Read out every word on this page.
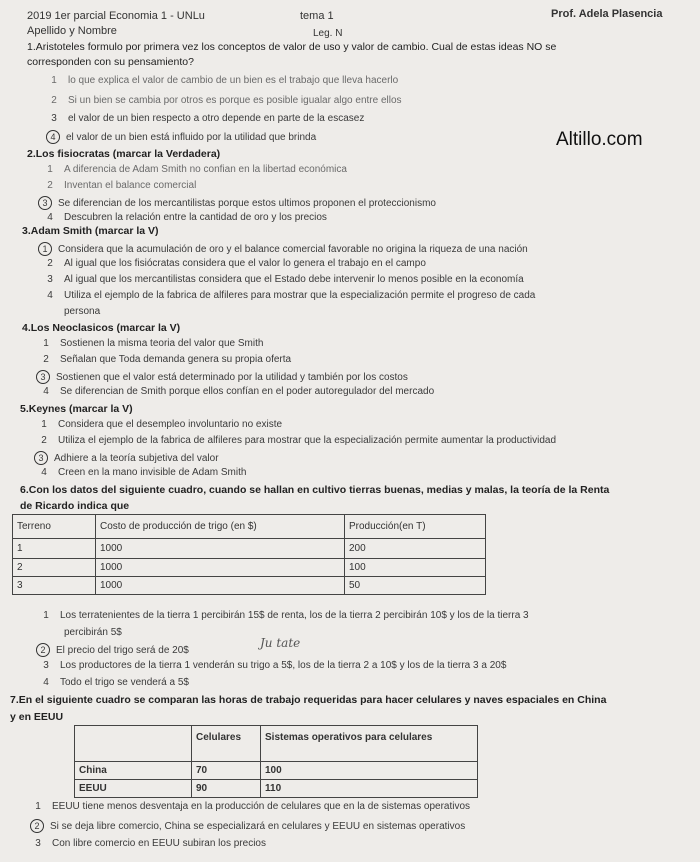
2019 1er parcial Economia 1 - UNLu	tema 1	Prof. Adela Plasencia
Apellido y Nombre	Leg. N
Altillo.com
1.Aristoteles formulo por primera vez los conceptos de valor de uso y valor de cambio. Cual de estas ideas NO se
corresponden con su pensamiento?
1 lo que explica el valor de cambio de un bien es el trabajo que lleva hacerlo
2 Si un bien se cambia por otros es porque es posible igualar algo entre ellos
3 el valor de un bien respecto a otro depende en parte de la escasez
4 el valor de un bien está influido por la utilidad que brinda
2.Los fisiocratas (marcar la Verdadera)
1 A diferencia de Adam Smith no confian en la libertad económica
2 Inventan el balance comercial
3 Se diferencian de los mercantilistas porque estos ultimos proponen el proteccionismo
4 Descubren la relación entre la cantidad de oro y los precios
3.Adam Smith (marcar la V)
1 Considera que la acumulación de oro y el balance comercial favorable no origina la riqueza de una nación
2 Al igual que los fisiócratas considera que el valor lo genera el trabajo en el campo
3 Al igual que los mercantilistas considera que el Estado debe intervenir lo menos posible en la economía
4 Utiliza el ejemplo de la fabrica de alfileres para mostrar que la especialización permite el progreso de cada
persona
4.Los Neoclasicos (marcar la V)
1 Sostienen la misma teoria del valor que Smith
2 Señalan que Toda demanda genera su propia oferta
3 Sostienen que el valor está determinado por la utilidad y también por los costos
4 Se diferencian de Smith porque ellos confían en el poder autoregulador del mercado
5.Keynes (marcar la V)
1 Considera que el desempleo involuntario no existe
2 Utiliza el ejemplo de la fabrica de alfileres para mostrar que la especialización permite aumentar la productividad
3 Adhiere a la teoría subjetiva del valor
4 Creen en la mano invisible de Adam Smith
6.Con los datos del siguiente cuadro, cuando se hallan en cultivo tierras buenas, medias y malas, la teoría de la Renta
de Ricardo indica que
Terreno	Costo de producción de trigo (en $)	Producción(en T)
1	1000	200
2	1000	100
3	1000	50
1 Los terratenientes de la tierra 1 percibirán 15$ de renta, los de la tierra 2 percibirán 10$ y los de la tierra 3
percibirán 5$
2 El precio del trigo será de 20$
Ju tate
3 Los productores de la tierra 1 venderán su trigo a 5$, los de la tierra 2 a 10$ y los de la tierra 3 a 20$
4 Todo el trigo se venderá a 5$
7.En el siguiente cuadro se comparan las horas de trabajo requeridas para hacer celulares y naves espaciales en China
y en EEUU
	Celulares	Sistemas operativos para celulares
China	70	100
EEUU	90	110
1 EEUU tiene menos desventaja en la producción de celulares que en la de sistemas operativos
2 Si se deja libre comercio, China se especializará en celulares y EEUU en sistemas operativos
3 Con libre comercio en EEUU subiran los precios
